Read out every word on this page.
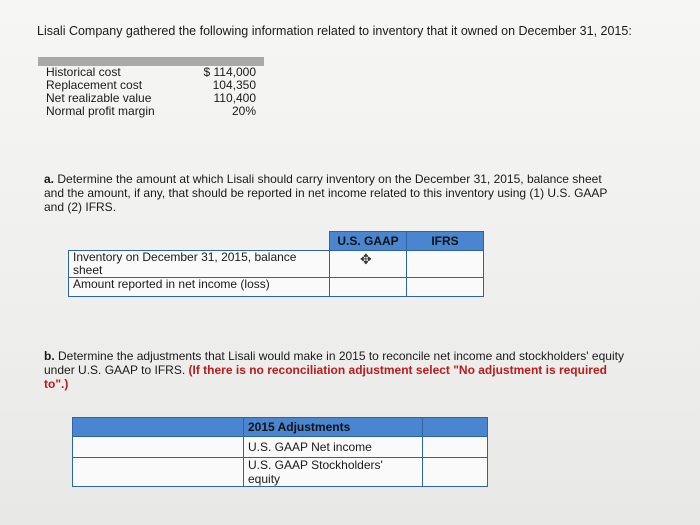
Lisali Company gathered the following information related to inventory that it owned on December 31, 2015:

Historical cost	$ 114,000
Replacement cost	104,350
Net realizable value	110,400
Normal profit margin	20%
a. Determine the amount at which Lisali should carry inventory on the December 31, 2015, balance sheet and the amount, if any, that should be reported in net income related to this inventory using (1) U.S. GAAP and (2) IFRS.
	U.S. GAAP	IFRS
Inventory on December 31, 2015, balance sheet	✥	

Amount reported in net income (loss)		
b. Determine the adjustments that Lisali would make in 2015 to reconcile net income and stockholders' equity under U.S. GAAP to IFRS. (If there is no reconciliation adjustment select "No adjustment is required to".)
	2015 Adjustments	
	U.S. GAAP Net income	
	U.S. GAAP Stockholders' equity	
